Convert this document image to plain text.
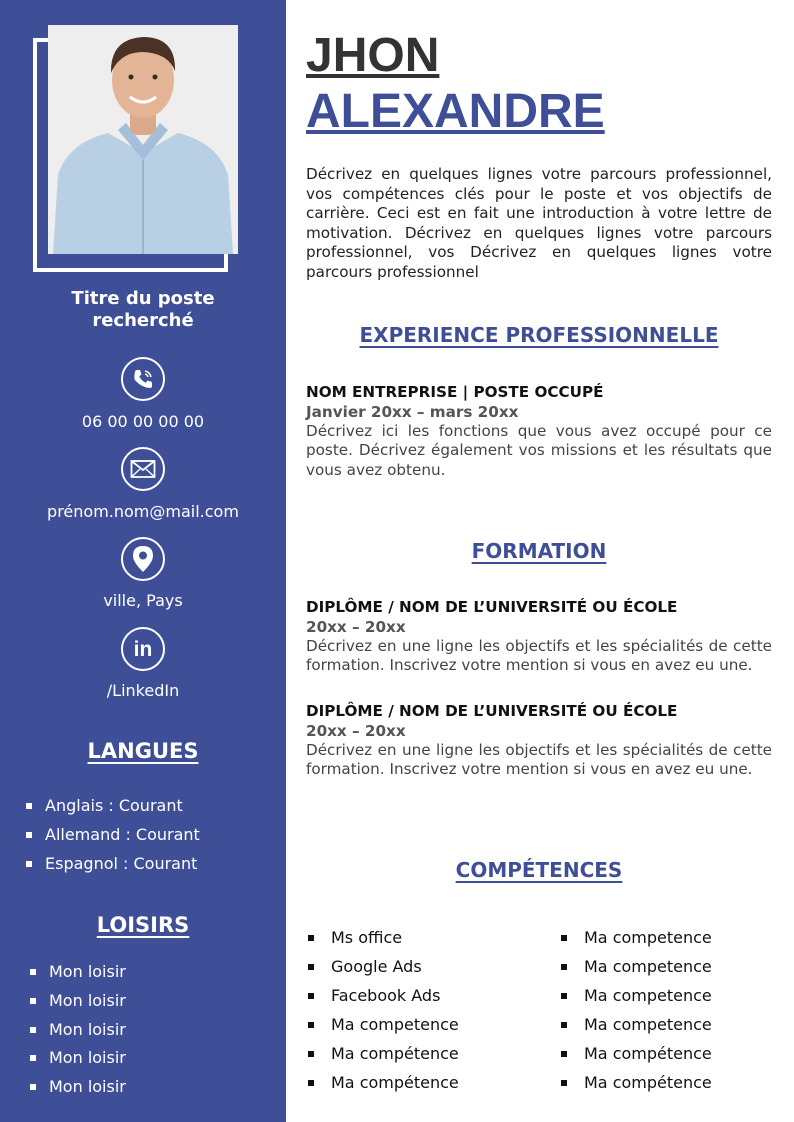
Titre du poste recherché
06 00 00 00 00
prénom.nom@mail.com
ville, Pays
in
/LinkedIn
LANGUES
Anglais : Courant
Allemand : Courant
Espagnol : Courant
LOISIRS
Mon loisir
Mon loisir
Mon loisir
Mon loisir
Mon loisir
JHON
ALEXANDRE

Décrivez en quelques lignes votre parcours professionnel, vos compétences clés pour le poste et vos objectifs de carrière. Ceci est en fait une introduction à votre lettre de motivation. Décrivez en quelques lignes votre parcours professionnel, vos Décrivez en quelques lignes votre parcours professionnel

EXPERIENCE PROFESSIONNELLE
NOM ENTREPRISE | POSTE OCCUPÉ
Janvier 20xx – mars 20xx
Décrivez ici les fonctions que vous avez occupé pour ce poste. Décrivez également vos missions et les résultats que vous avez obtenu.
FORMATION
DIPLÔME / NOM DE L’UNIVERSITÉ OU ÉCOLE
20xx – 20xx
Décrivez en une ligne les objectifs et les spécialités de cette formation. Inscrivez votre mention si vous en avez eu une.
DIPLÔME / NOM DE L’UNIVERSITÉ OU ÉCOLE
20xx – 20xx
Décrivez en une ligne les objectifs et les spécialités de cette formation. Inscrivez votre mention si vous en avez eu une.
COMPÉTENCES
Ms office
Google Ads
Facebook Ads
Ma competence
Ma compétence
Ma compétence
Ma competence
Ma competence
Ma competence
Ma competence
Ma compétence
Ma compétence
